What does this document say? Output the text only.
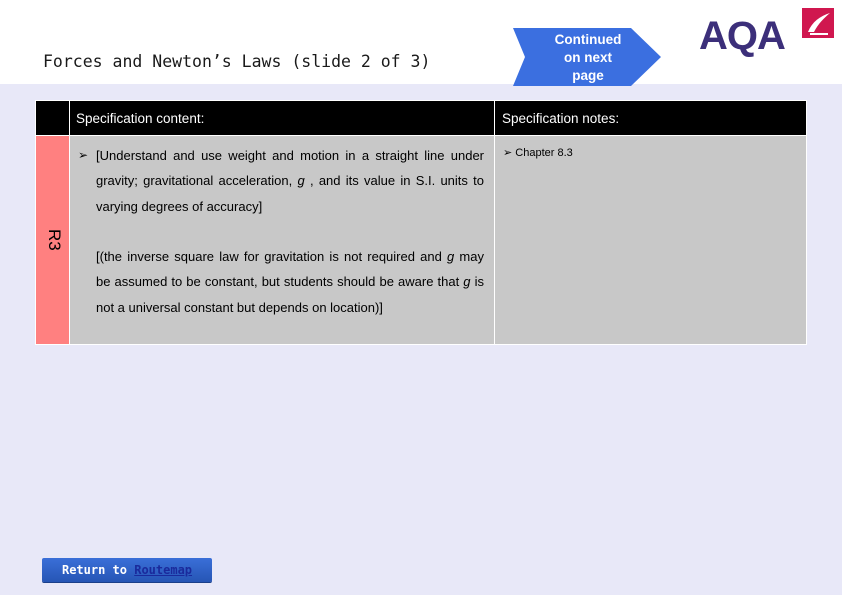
Forces and Newton’s Laws (slide 2 of 3)
Continued
on next
page
AQA
Specification content:	Specification notes:
R3
➢ [Understand and use weight and motion in a straight line under gravity; gravitational acceleration, g , and its value in S.I. units to varying degrees of accuracy]
[(the inverse square law for gravitation is not required and g may be assumed to be constant, but students should be aware that g is not a universal constant but depends on location)]
➢ Chapter 8.3
Return to Routemap
